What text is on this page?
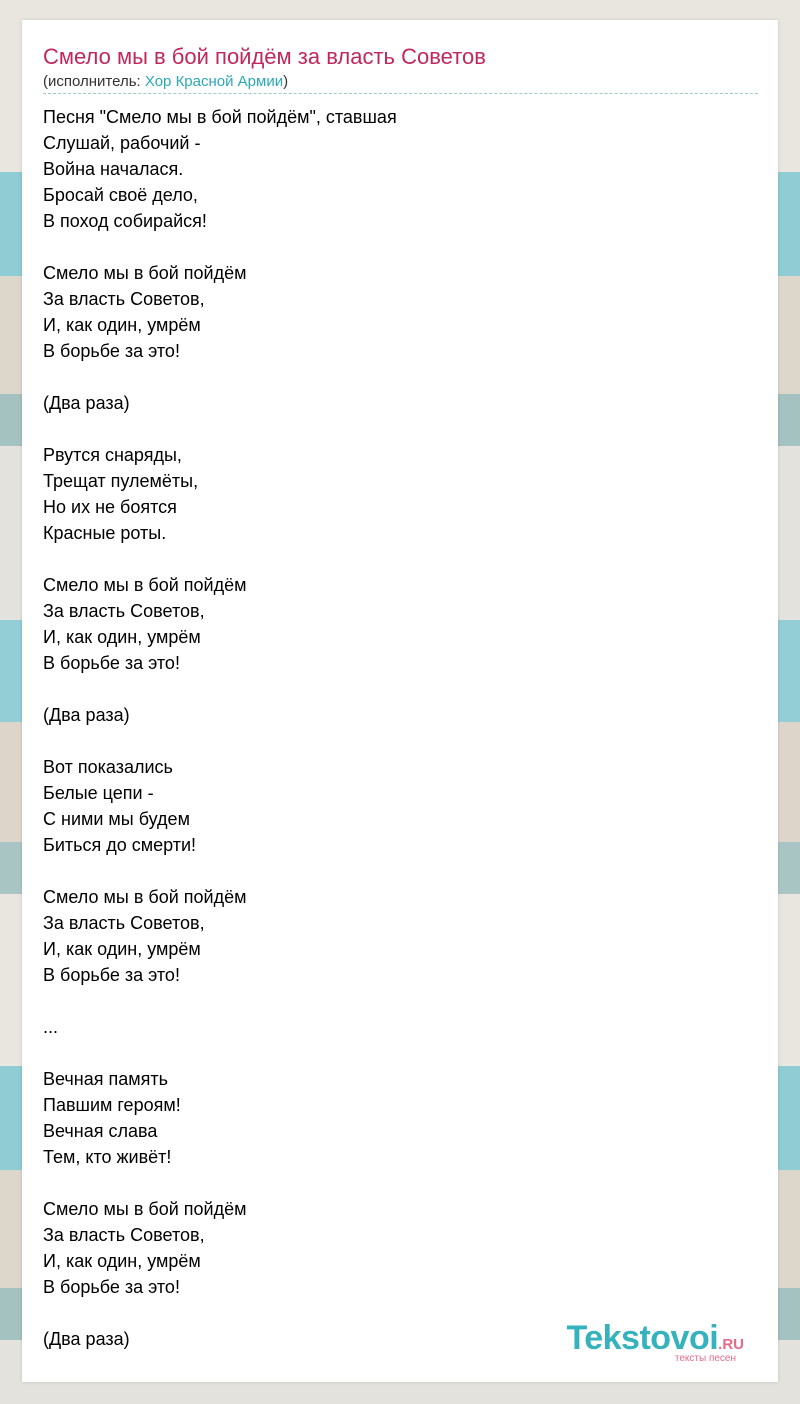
Смело мы в бой пойдём за власть Советов
(исполнитель: Хор Красной Армии)
Песня "Смело мы в бой пойдём", ставшая
Слушай, рабочий -
Война началася.
Бросай своё дело,
В поход собирайся!
Смело мы в бой пойдём
За власть Советов,
И, как один, умрём
В борьбе за это!
(Два раза)
Рвутся снаряды,
Трещат пулемёты,
Но их не боятся
Красные роты.
Смело мы в бой пойдём
За власть Советов,
И, как один, умрём
В борьбе за это!
(Два раза)
Вот показались
Белые цепи -
С ними мы будем
Биться до смерти!
Смело мы в бой пойдём
За власть Советов,
И, как один, умрём
В борьбе за это!
...
Вечная память
Павшим героям!
Вечная слава
Тем, кто живёт!
Смело мы в бой пойдём
За власть Советов,
И, как один, умрём
В борьбе за это!
(Два раза)	Tekstovoi.RU
тексты песен
